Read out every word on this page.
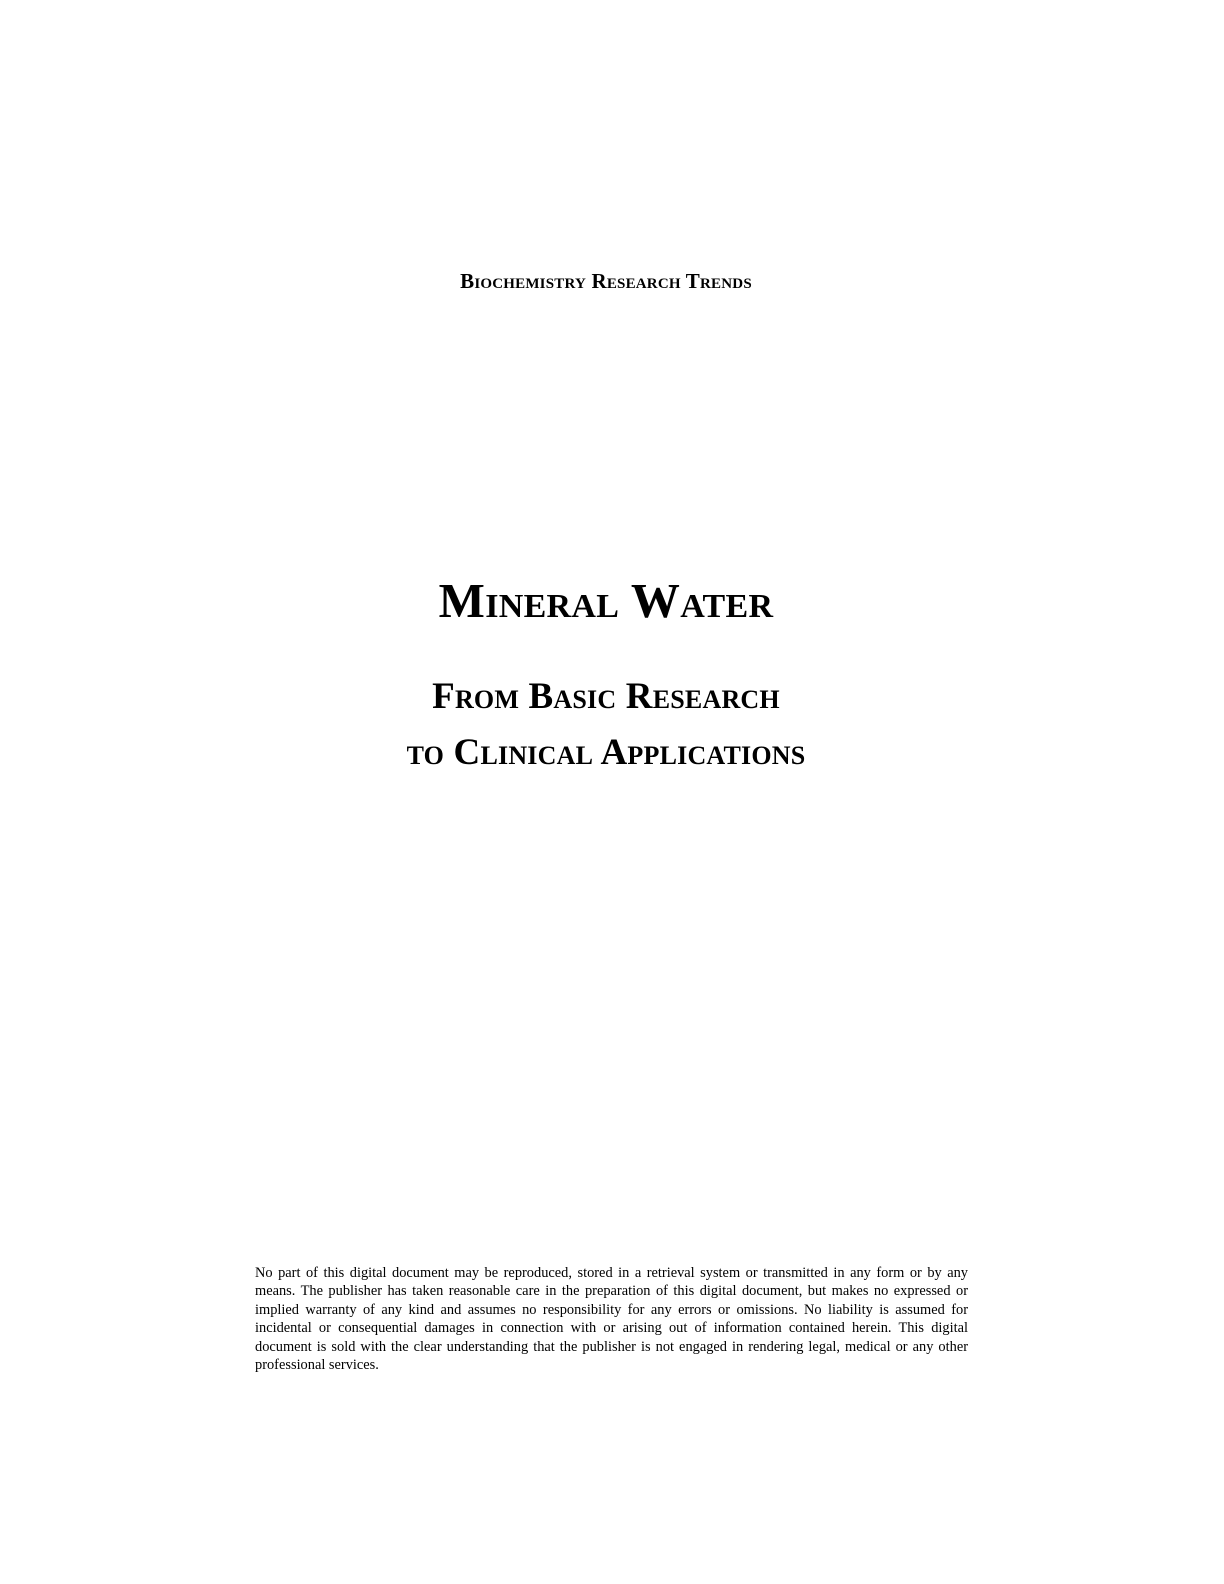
Biochemistry Research Trends
Mineral Water
From Basic Research
to Clinical Applications
No part of this digital document may be reproduced, stored in a retrieval system or transmitted in any form or by any means. The publisher has taken reasonable care in the preparation of this digital document, but makes no expressed or implied warranty of any kind and assumes no responsibility for any errors or omissions. No liability is assumed for incidental or consequential damages in connection with or arising out of information contained herein. This digital document is sold with the clear understanding that the publisher is not engaged in rendering legal, medical or any other professional services.
